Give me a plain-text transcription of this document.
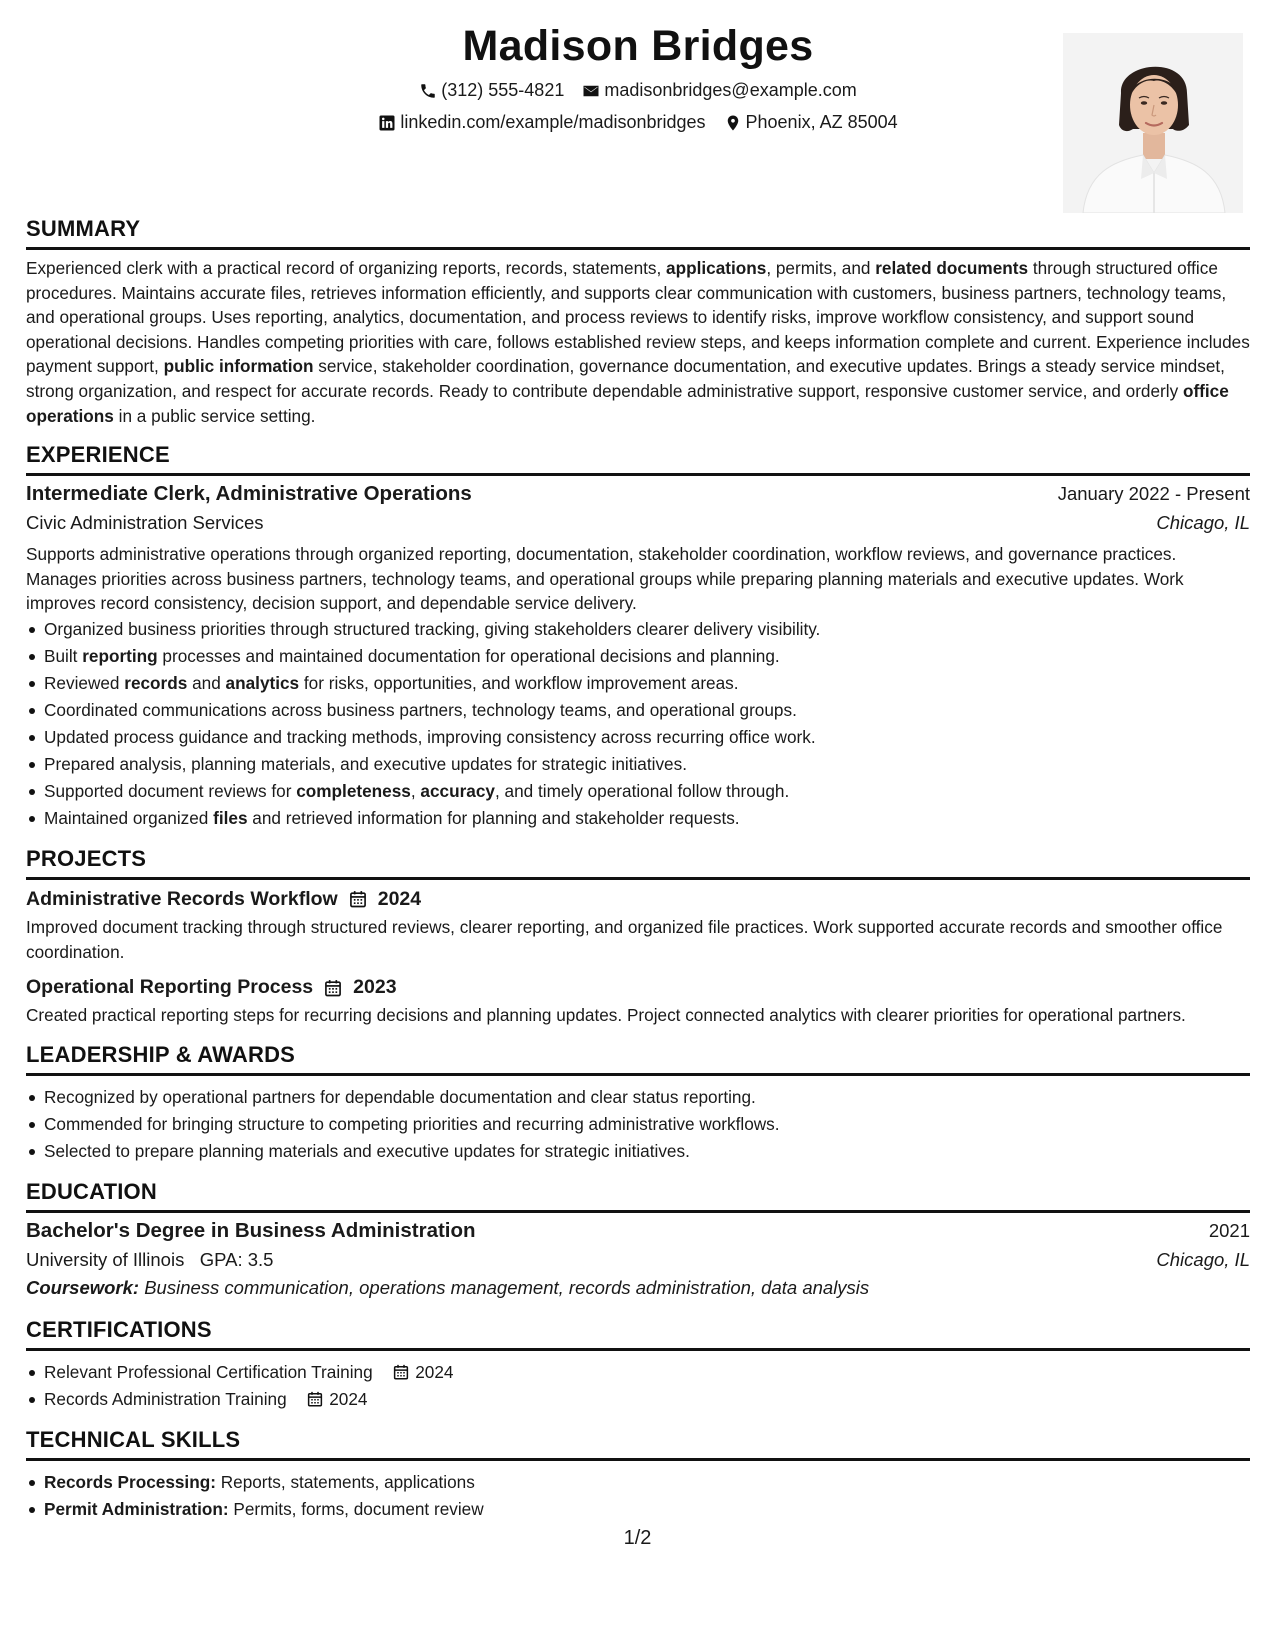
Madison Bridges
(312) 555-4821 madisonbridges@example.com
linkedin.com/example/madisonbridges Phoenix, AZ 85004
SUMMARY

Experienced clerk with a practical record of organizing reports, records, statements, applications, permits, and related documents through structured office procedures. Maintains accurate files, retrieves information efficiently, and supports clear communication with customers, business partners, technology teams, and operational groups. Uses reporting, analytics, documentation, and process reviews to identify risks, improve workflow consistency, and support sound operational decisions. Handles competing priorities with care, follows established review steps, and keeps information complete and current. Experience includes payment support, public information service, stakeholder coordination, governance documentation, and executive updates. Brings a steady service mindset, strong organization, and respect for accurate records. Ready to contribute dependable administrative support, responsive customer service, and orderly office operations in a public service setting.

EXPERIENCE
Intermediate Clerk, Administrative Operations	January 2022 - Present
Civic Administration Services	Chicago, IL

Supports administrative operations through organized reporting, documentation, stakeholder coordination, workflow reviews, and governance practices. Manages priorities across business partners, technology teams, and operational groups while preparing planning materials and executive updates. Work improves record consistency, decision support, and dependable service delivery.

Organized business priorities through structured tracking, giving stakeholders clearer delivery visibility.
Built reporting processes and maintained documentation for operational decisions and planning.
Reviewed records and analytics for risks, opportunities, and workflow improvement areas.
Coordinated communications across business partners, technology teams, and operational groups.
Updated process guidance and tracking methods, improving consistency across recurring office work.
Prepared analysis, planning materials, and executive updates for strategic initiatives.
Supported document reviews for completeness, accuracy, and timely operational follow through.
Maintained organized files and retrieved information for planning and stakeholder requests.
PROJECTS
Administrative Records Workflow 2024

Improved document tracking through structured reviews, clearer reporting, and organized file practices. Work supported accurate records and smoother office coordination.

Operational Reporting Process 2023

Created practical reporting steps for recurring decisions and planning updates. Project connected analytics with clearer priorities for operational partners.

LEADERSHIP & AWARDS
Recognized by operational partners for dependable documentation and clear status reporting.
Commended for bringing structure to competing priorities and recurring administrative workflows.
Selected to prepare planning materials and executive updates for strategic initiatives.
EDUCATION
Bachelor's Degree in Business Administration	2021
University of Illinois GPA: 3.5	Chicago, IL
Coursework: Business communication, operations management, records administration, data analysis
CERTIFICATIONS
Relevant Professional Certification Training
2024
Records Administration Training
2024
TECHNICAL SKILLS
Records Processing: Reports, statements, applications
Permit Administration: Permits, forms, document review
1/2
